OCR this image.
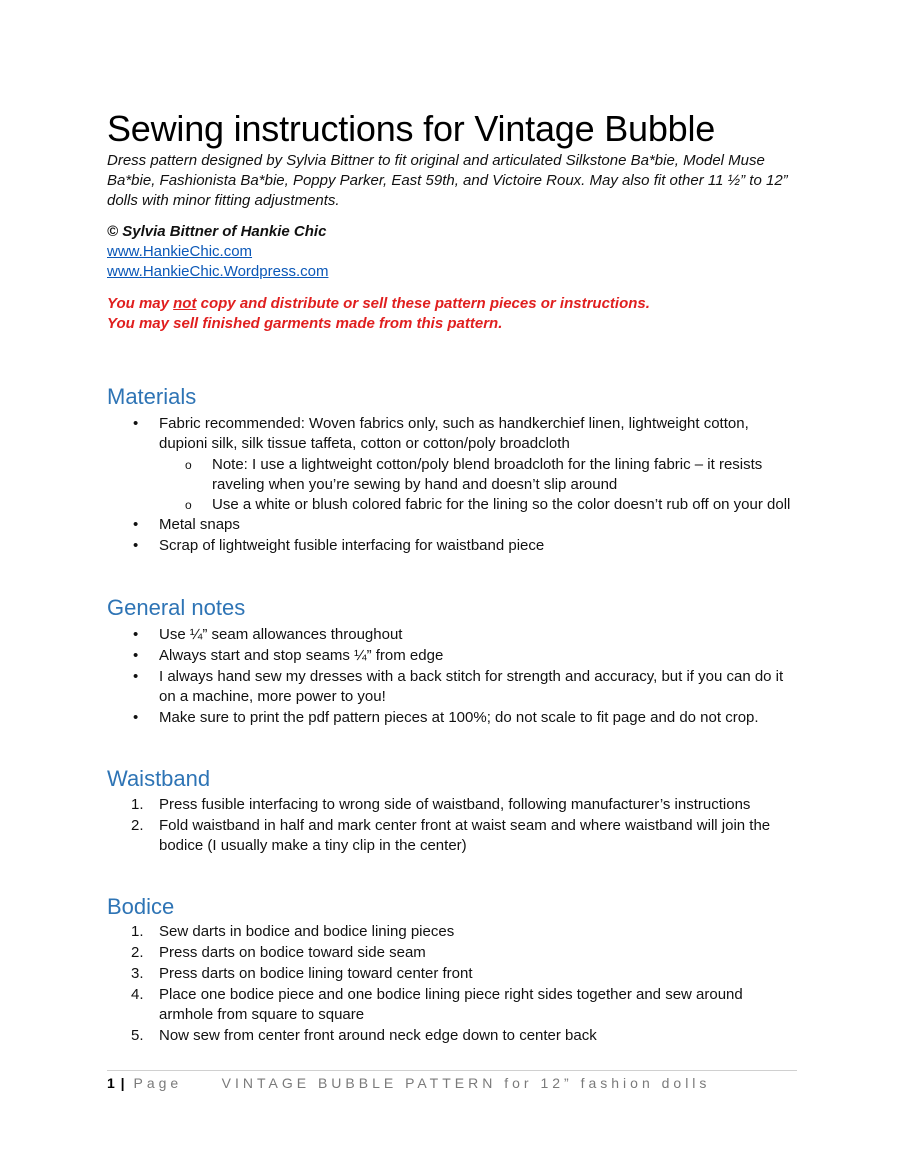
Sewing instructions for Vintage Bubble

Dress pattern designed by Sylvia Bittner to fit original and articulated Silkstone Ba*bie, Model Muse Ba*bie, Fashionista Ba*bie, Poppy Parker, East 59th, and Victoire Roux. May also fit other 11 ½” to 12” dolls with minor fitting adjustments.

© Sylvia Bittner of Hankie Chic

www.HankieChic.com
www.HankieChic.Wordpress.com

You may not copy and distribute or sell these pattern pieces or instructions.
You may sell finished garments made from this pattern.

Materials
• Fabric recommended: Woven fabrics only, such as handkerchief linen, lightweight cotton, dupioni silk, silk tissue taffeta, cotton or cotton/poly broadcloth
o Note: I use a lightweight cotton/poly blend broadcloth for the lining fabric – it resists raveling when you’re sewing by hand and doesn’t slip around
o Use a white or blush colored fabric for the lining so the color doesn’t rub off on your doll
• Metal snaps
• Scrap of lightweight fusible interfacing for waistband piece
General notes
• Use ¼” seam allowances throughout
• Always start and stop seams ¼” from edge
• I always hand sew my dresses with a back stitch for strength and accuracy, but if you can do it on a machine, more power to you!
• Make sure to print the pdf pattern pieces at 100%; do not scale to fit page and do not crop.
Waistband
1. Press fusible interfacing to wrong side of waistband, following manufacturer’s instructions
2. Fold waistband in half and mark center front at waist seam and where waistband will join the bodice (I usually make a tiny clip in the center)
Bodice
1. Sew darts in bodice and bodice lining pieces
2. Press darts on bodice toward side seam
3. Press darts on bodice lining toward center front
4. Place one bodice piece and one bodice lining piece right sides together and sew around armhole from square to square
5. Now sew from center front around neck edge down to center back
1 | Page	VINTAGE BUBBLE PATTERN for 12” fashion dolls
